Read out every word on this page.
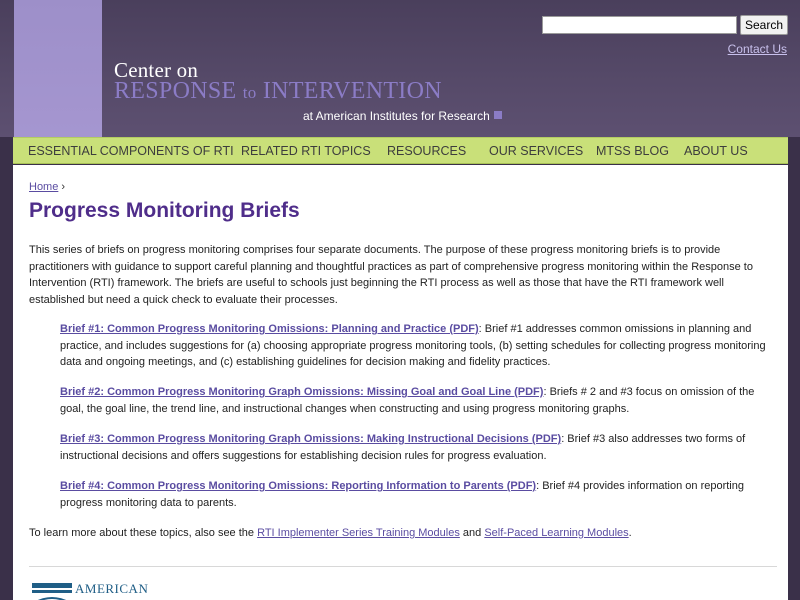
Center on
RESPONSE to INTERVENTION
at American Institutes for Research
Search
Contact Us
ESSENTIAL COMPONENTS OF RTI RELATED RTI TOPICS RESOURCES OUR SERVICES MTSS BLOG ABOUT US
Home ›
Progress Monitoring Briefs

This series of briefs on progress monitoring comprises four separate documents. The purpose of these progress monitoring briefs is to provide practitioners with guidance to support careful planning and thoughtful practices as part of comprehensive progress monitoring within the Response to Intervention (RTI) framework. The briefs are useful to schools just beginning the RTI process as well as those that have the RTI framework well established but need a quick check to evaluate their processes.

Brief #1: Common Progress Monitoring Omissions: Planning and Practice (PDF): Brief #1 addresses common omissions in planning and practice, and includes suggestions for (a) choosing appropriate progress monitoring tools, (b) setting schedules for collecting progress monitoring data and ongoing meetings, and (c) establishing guidelines for decision making and fidelity practices.

Brief #2: Common Progress Monitoring Graph Omissions: Missing Goal and Goal Line (PDF): Briefs # 2 and #3 focus on omission of the goal, the goal line, the trend line, and instructional changes when constructing and using progress monitoring graphs.

Brief #3: Common Progress Monitoring Graph Omissions: Making Instructional Decisions (PDF): Brief #3 also addresses two forms of instructional decisions and offers suggestions for establishing decision rules for progress evaluation.

Brief #4: Common Progress Monitoring Omissions: Reporting Information to Parents (PDF): Brief #4 provides information on reporting progress monitoring data to parents.

To learn more about these topics, also see the RTI Implementer Series Training Modules and Self-Paced Learning Modules.

AMERICAN
